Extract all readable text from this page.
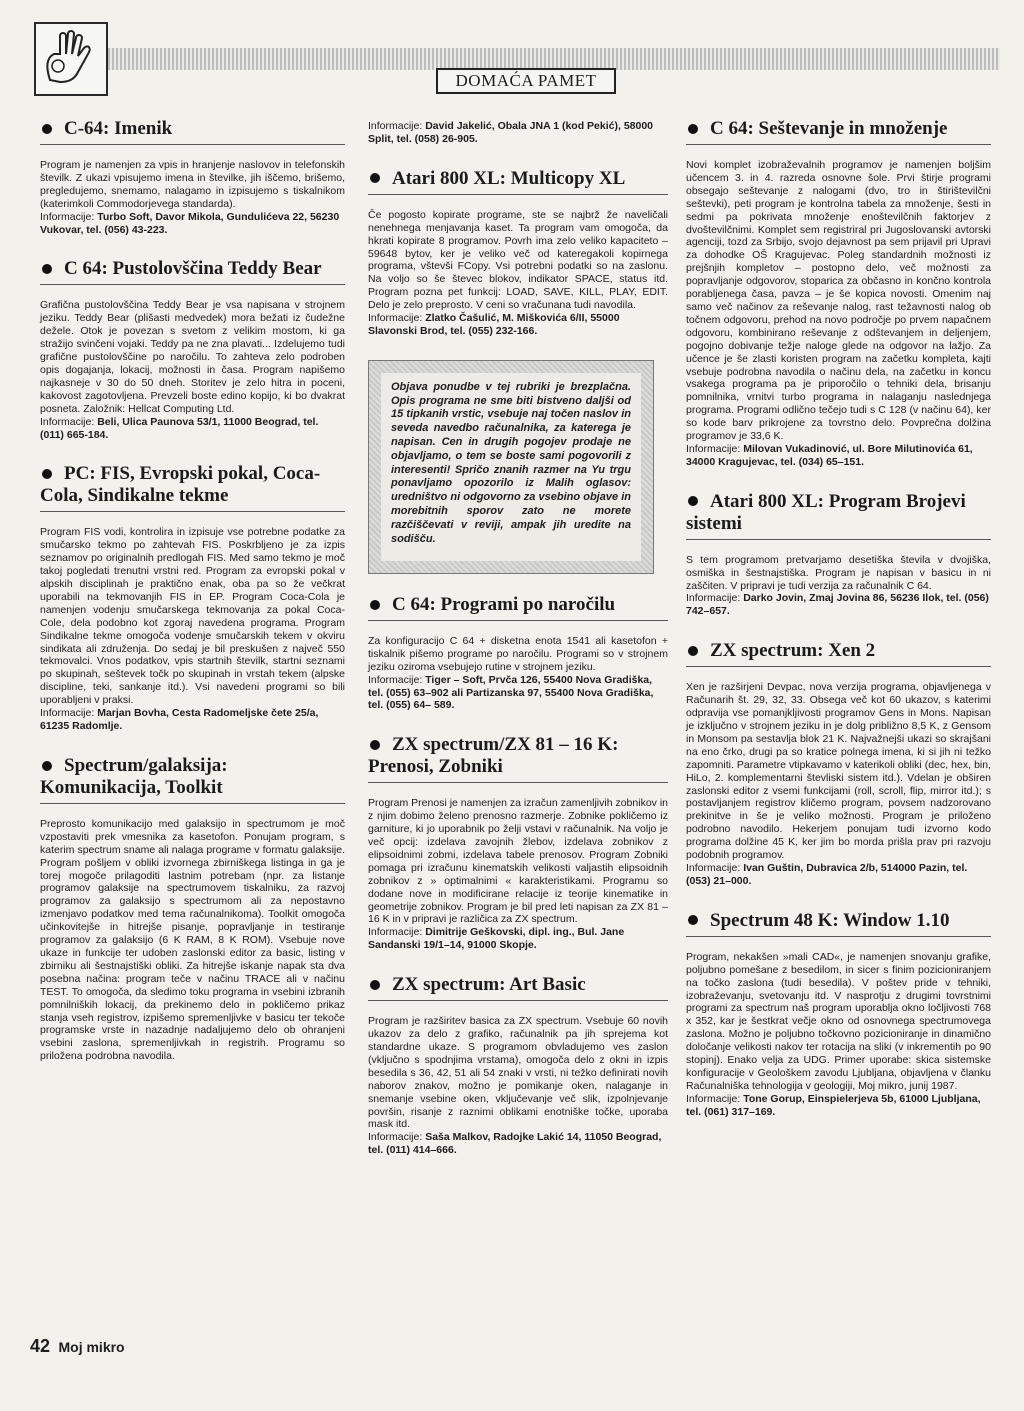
DOMAĆA PAMET
C-64: Imenik

Program je namenjen za vpis in hranjenje naslovov in telefonskih številk. Z ukazi vpisujemo imena in številke, jih iščemo, brišemo, pregledujemo, snemamo, nalagamo in izpisujemo s tiskalnikom (katerimkoli Commodorjevega standarda).

Informacije: Turbo Soft, Davor Mikola, Gundulićeva 22, 56230 Vukovar, tel. (056) 43-223.

C 64: Pustolovščina Teddy Bear

Grafična pustolovščina Teddy Bear je vsa napisana v strojnem jeziku. Teddy Bear (plišasti medvedek) mora bežati iz čudežne dežele. Otok je povezan s svetom z velikim mostom, ki ga stražijo svinčeni vojaki. Teddy pa ne zna plavati... Izdelujemo tudi grafične pustolovščine po naročilu. To zahteva zelo podroben opis dogajanja, lokacij, možnosti in časa. Program napišemo najkasneje v 30 do 50 dneh. Storitev je zelo hitra in poceni, kakovost zagotovljena. Prevzeli boste edino kopijo, ki bo dvakrat posneta. Založnik: Hellcat Computing Ltd.

Informacije: Beli, Ulica Paunova 53/1, 11000 Beograd, tel. (011) 665-184.

PC: FIS, Evropski pokal, Coca-Cola, Sindikalne tekme

Program FIS vodi, kontrolira in izpisuje vse potrebne podatke za smučarsko tekmo po zahtevah FIS. Poskrbljeno je za izpis seznamov po originalnih predlogah FIS. Med samo tekmo je moč takoj pogledati trenutni vrstni red. Program za evropski pokal v alpskih disciplinah je praktično enak, oba pa so že večkrat uporabili na tekmovanjih FIS in EP. Program Coca-Cola je namenjen vodenju smučarskega tekmovanja za pokal Coca-Cole, dela podobno kot zgoraj navedena programa. Program Sindikalne tekme omogoča vodenje smučarskih tekem v okviru sindikata ali združenja. Do sedaj je bil preskušen z največ 550 tekmovalci. Vnos podatkov, vpis startnih številk, startni seznami po skupinah, seštevek točk po skupinah in vrstah tekem (alpske discipline, teki, sankanje itd.). Vsi navedeni programi so bili uporabljeni v praksi.

Informacije: Marjan Bovha, Cesta Radomeljske čete 25/a, 61235 Radomlje.

Spectrum/galaksija: Komunikacija, Toolkit

Preprosto komunikacijo med galaksijo in spectrumom je moč vzpostaviti prek vmesnika za kasetofon. Ponujam program, s katerim spectrum sname ali nalaga programe v formatu galaksije. Program pošljem v obliki izvornega zbirniškega listinga in ga je torej mogoče prilagoditi lastnim potrebam (npr. za listanje programov galaksije na spectrumovem tiskalniku, za razvoj programov za galaksijo s spectrumom ali za nepostavno izmenjavo podatkov med tema računalnikoma). Toolkit omogoča učinkovitejše in hitrejše pisanje, popravljanje in testiranje programov za galaksijo (6 K RAM, 8 K ROM). Vsebuje nove ukaze in funkcije ter udoben zaslonski editor za basic, listing v zbirniku ali šestnajstiški obliki. Za hitrejše iskanje napak sta dva posebna načina: program teče v načinu TRACE ali v načinu TEST. To omogoča, da sledimo toku programa in vsebini izbranih pomnilniških lokacij, da prekinemo delo in pokličemo prikaz stanja vseh registrov, izpišemo spremenljivke v basicu ter tekoče programske vrste in nazadnje nadaljujemo delo ob ohranjeni vsebini zaslona, spremenljivkah in registrih. Programu so priložena podrobna navodila.

Informacije: David Jakelić, Obala JNA 1 (kod Pekić), 58000 Split, tel. (058) 26-905.

Atari 800 XL: Multicopy XL

Če pogosto kopirate programe, ste se najbrž že naveličali nenehnega menjavanja kaset. Ta program vam omogoča, da hkrati kopirate 8 programov. Povrh ima zelo veliko kapaciteto – 59648 bytov, ker je veliko več od kateregakoli kopirnega programa, vštevši FCopy. Vsi potrebni podatki so na zaslonu. Na voljo so še števec blokov, indikator SPACE, status itd. Program pozna pet funkcij: LOAD, SAVE, KILL, PLAY, EDIT. Delo je zelo preprosto. V ceni so vračunana tudi navodila.

Informacije: Zlatko Čašulić, M. Miškovića 6/II, 55000 Slavonski Brod, tel. (055) 232-166.

Objava ponudbe v tej rubriki je brezplačna. Opis programa ne sme biti bistveno daljši od 15 tipkanih vrstic, vsebuje naj točen naslov in seveda navedbo računalnika, za katerega je napisan. Cen in drugih pogojev prodaje ne objavljamo, o tem se boste sami pogovorili z interesenti! Spričo znanih razmer na Yu trgu ponavljamo opozorilo iz Malih oglasov: uredništvo ni odgovorno za vsebino objave in morebitnih sporov zato ne morete razčiščevati v reviji, ampak jih uredite na sodišču.
C 64: Programi po naročilu

Za konfiguracijo C 64 + disketna enota 1541 ali kasetofon + tiskalnik pišemo programe po naročilu. Programi so v strojnem jeziku oziroma vsebujejo rutine v strojnem jeziku.

Informacije: Tiger – Soft, Prvča 126, 55400 Nova Gradiška, tel. (055) 63–902 ali Partizanska 97, 55400 Nova Gradiška, tel. (055) 64– 589.

ZX spectrum/ZX 81 – 16 K: Prenosi, Zobniki

Program Prenosi je namenjen za izračun zamenljivih zobnikov in z njim dobimo želeno prenosno razmerje. Zobnike pokličemo iz garniture, ki jo uporabnik po želji vstavi v računalnik. Na voljo je več opcij: izdelava zavojnih žlebov, izdelava zobnikov z elipsoidnimi zobmi, izdelava tabele prenosov. Program Zobniki pomaga pri izračunu kinematskih velikosti valjastih elipsoidnih zobnikov z » optimalnimi « karakteristikami. Programu so dodane nove in modificirane relacije iz teorije kinematike in geometrije zobnikov. Program je bil pred leti napisan za ZX 81 – 16 K in v pripravi je različica za ZX spectrum.

Informacije: Dimitrije Geškovski, dipl. ing., Bul. Jane Sandanski 19/1–14, 91000 Skopje.

ZX spectrum: Art Basic

Program je razširitev basica za ZX spectrum. Vsebuje 60 novih ukazov za delo z grafiko, računalnik pa jih sprejema kot standardne ukaze. S programom obvladujemo ves zaslon (vključno s spodnjima vrstama), omogoča delo z okni in izpis besedila s 36, 42, 51 ali 54 znaki v vrsti, ni težko definirati novih naborov znakov, možno je pomikanje oken, nalaganje in snemanje vsebine oken, vključevanje več slik, izpolnjevanje površin, risanje z raznimi oblikami enotniške točke, uporaba mask itd.

Informacije: Saša Malkov, Radojke Lakić 14, 11050 Beograd, tel. (011) 414–666.

C 64: Seštevanje in množenje

Novi komplet izobraževalnih programov je namenjen boljšim učencem 3. in 4. razreda osnovne šole. Prvi štirje programi obsegajo seštevanje z nalogami (dvo, tro in štirištevilčni seštevki), peti program je kontrolna tabela za množenje, šesti in sedmi pa pokrivata množenje enoštevilčnih faktorjev z dvoštevilčnimi. Komplet sem registriral pri Jugoslovanski avtorski agenciji, tozd za Srbijo, svojo dejavnost pa sem prijavil pri Upravi za dohodke OŠ Kragujevac. Poleg standardnih možnosti iz prejšnjih kompletov – postopno delo, več možnosti za popravljanje odgovorov, stoparica za občasno in končno kontrola porabljenega časa, pavza – je še kopica novosti. Omenim naj samo več načinov za reševanje nalog, rast težavnosti nalog ob točnem odgovoru, prehod na novo področje po prvem napačnem odgovoru, kombinirano reševanje z odštevanjem in deljenjem, pogojno dobivanje težje naloge glede na odgovor na lažjo. Za učence je še zlasti koristen program na začetku kompleta, kajti vsebuje podrobna navodila o načinu dela, na začetku in koncu vsakega programa pa je priporočilo o tehniki dela, brisanju pomnilnika, vrnitvi turbo programa in nalaganju naslednjega programa. Programi odlično tečejo tudi s C 128 (v načinu 64), ker so kode barv prikrojene za tovrstno delo. Povprečna dolžina programov je 33,6 K.

Informacije: Milovan Vukadinović, ul. Bore Milutinovića 61, 34000 Kragujevac, tel. (034) 65–151.

Atari 800 XL: Program Brojevi sistemi

S tem programom pretvarjamo desetiška števila v dvojiška, osmiška in šestnajstiška. Program je napisan v basicu in ni zaščiten. V pripravi je tudi verzija za računalnik C 64.

Informacije: Darko Jovin, Zmaj Jovina 86, 56236 Ilok, tel. (056) 742–657.

ZX spectrum: Xen 2

Xen je razširjeni Devpac, nova verzija programa, objavljenega v Računarih št. 29, 32, 33. Obsega več kot 60 ukazov, s katerimi odpravija vse pomanjkljivosti programov Gens in Mons. Napisan je izključno v strojnem jeziku in je dolg približno 8,5 K, z Gensom in Monsom pa sestavlja blok 21 K. Najvažnejši ukazi so skrajšani na eno črko, drugi pa so kratice polnega imena, ki si jih ni težko zapomniti. Parametre vtipkavamo v katerikoli obliki (dec, hex, bin, HiLo, 2. komplementarni števliski sistem itd.). Vdelan je obširen zaslonski editor z vsemi funkcijami (roll, scroll, flip, mirror itd.); s postavljanjem registrov kličemo program, povsem nadzorovano prekinitve in še je veliko možnosti. Program je priloženo podrobno navodilo. Hekerjem ponujam tudi izvorno kodo programa dolžine 45 K, ker jim bo morda prišla prav pri razvoju podobnih programov.

Informacije: Ivan Guštin, Dubravica 2/b, 514000 Pazin, tel. (053) 21–000.

Spectrum 48 K: Window 1.10

Program, nekakšen »mali CAD«, je namenjen snovanju grafike, poljubno pomešane z besedilom, in sicer s finim pozicioniranjem na točko zaslona (tudi besedila). V poštev pride v tehniki, izobraževanju, svetovanju itd. V nasprotju z drugimi tovrstnimi programi za spectrum naš program uporablja okno ločljivosti 768 x 352, kar je šestkrat večje okno od osnovnega spectrumovega zaslona. Možno je poljubno točkovno pozicioniranje in dinamično določanje velikosti nakov ter rotacija na sliki (v inkrementih po 90 stopinj). Enako velja za UDG. Primer uporabe: skica sistemske konfiguracije v Geološkem zavodu Ljubljana, objavljena v članku Računalniška tehnologija v geologiji, Moj mikro, junij 1987.

Informacije: Tone Gorup, Einspielerjeva 5b, 61000 Ljubljana, tel. (061) 317–169.

42 Moj mikro
